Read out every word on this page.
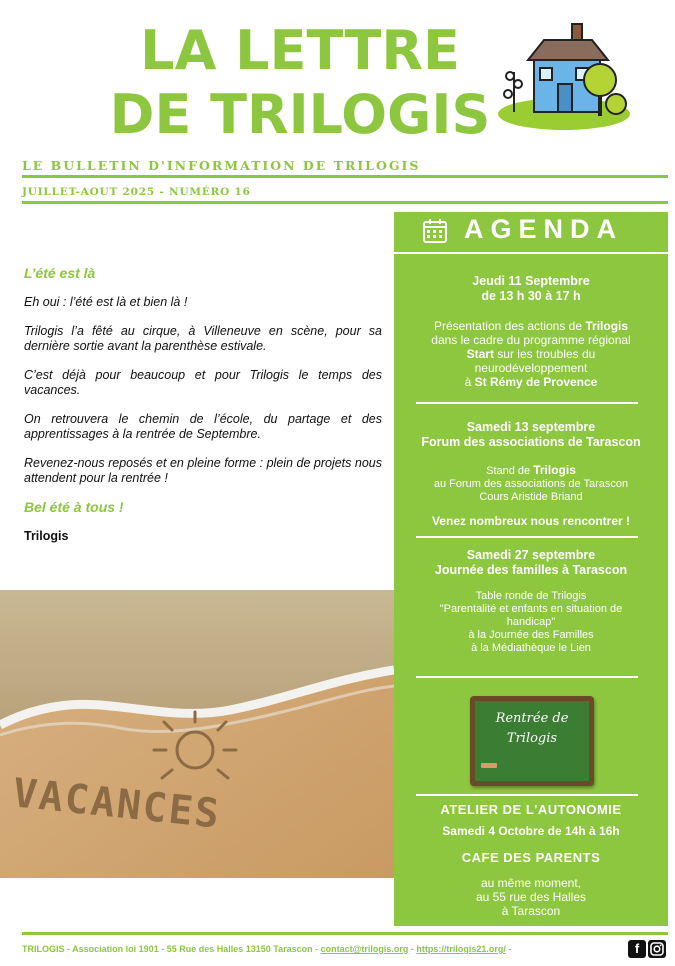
LA LETTRE
DE TRILOGIS
LE BULLETIN D'INFORMATION DE TRILOGIS
JUILLET-AOUT 2025 - NUMÉRO 16

L’été est là

Eh oui : l’été est là et bien là !

Trilogis l’a fêté au cirque, à Villeneuve en scène, pour sa dernière sortie avant la parenthèse estivale.

C’est déjà pour beaucoup et pour Trilogis le temps des vacances.

On retrouvera le chemin de l’école, du partage et des apprentissages à la rentrée de Septembre.

Revenez-nous reposés et en pleine forme : plein de projets nous attendent pour la rentrée !

Bel été à tous !

Trilogis

VACANCES
AGENDA
Jeudi 11 Septembre
de 13 h 30 à 17 h
Présentation des actions de Trilogis
dans le cadre du programme régional
Start sur les troubles du
neurodéveloppement
à St Rémy de Provence
Samedi 13 septembre
Forum des associations de Tarascon
Stand de Trilogis
au Forum des associations de Tarascon
Cours Aristide Briand
Venez nombreux nous rencontrer !
Samedi 27 septembre
Journée des familles à Tarascon
Table ronde de Trilogis
"Parentalité et enfants en situation de
handicap"
à la Journée des Familles
à la Médiathèque le Lien
Rentrée de
Trilogis
ATELIER DE L'AUTONOMIE
Samedi 4 Octobre de 14h à 16h
CAFE DES PARENTS
au même moment,
au 55 rue des Halles
à Tarascon
TRILOGIS - Association loi 1901 - 55 Rue des Halles 13150 Tarascon - contact@trilogis.org - https://trilogis21.org/ -	f
